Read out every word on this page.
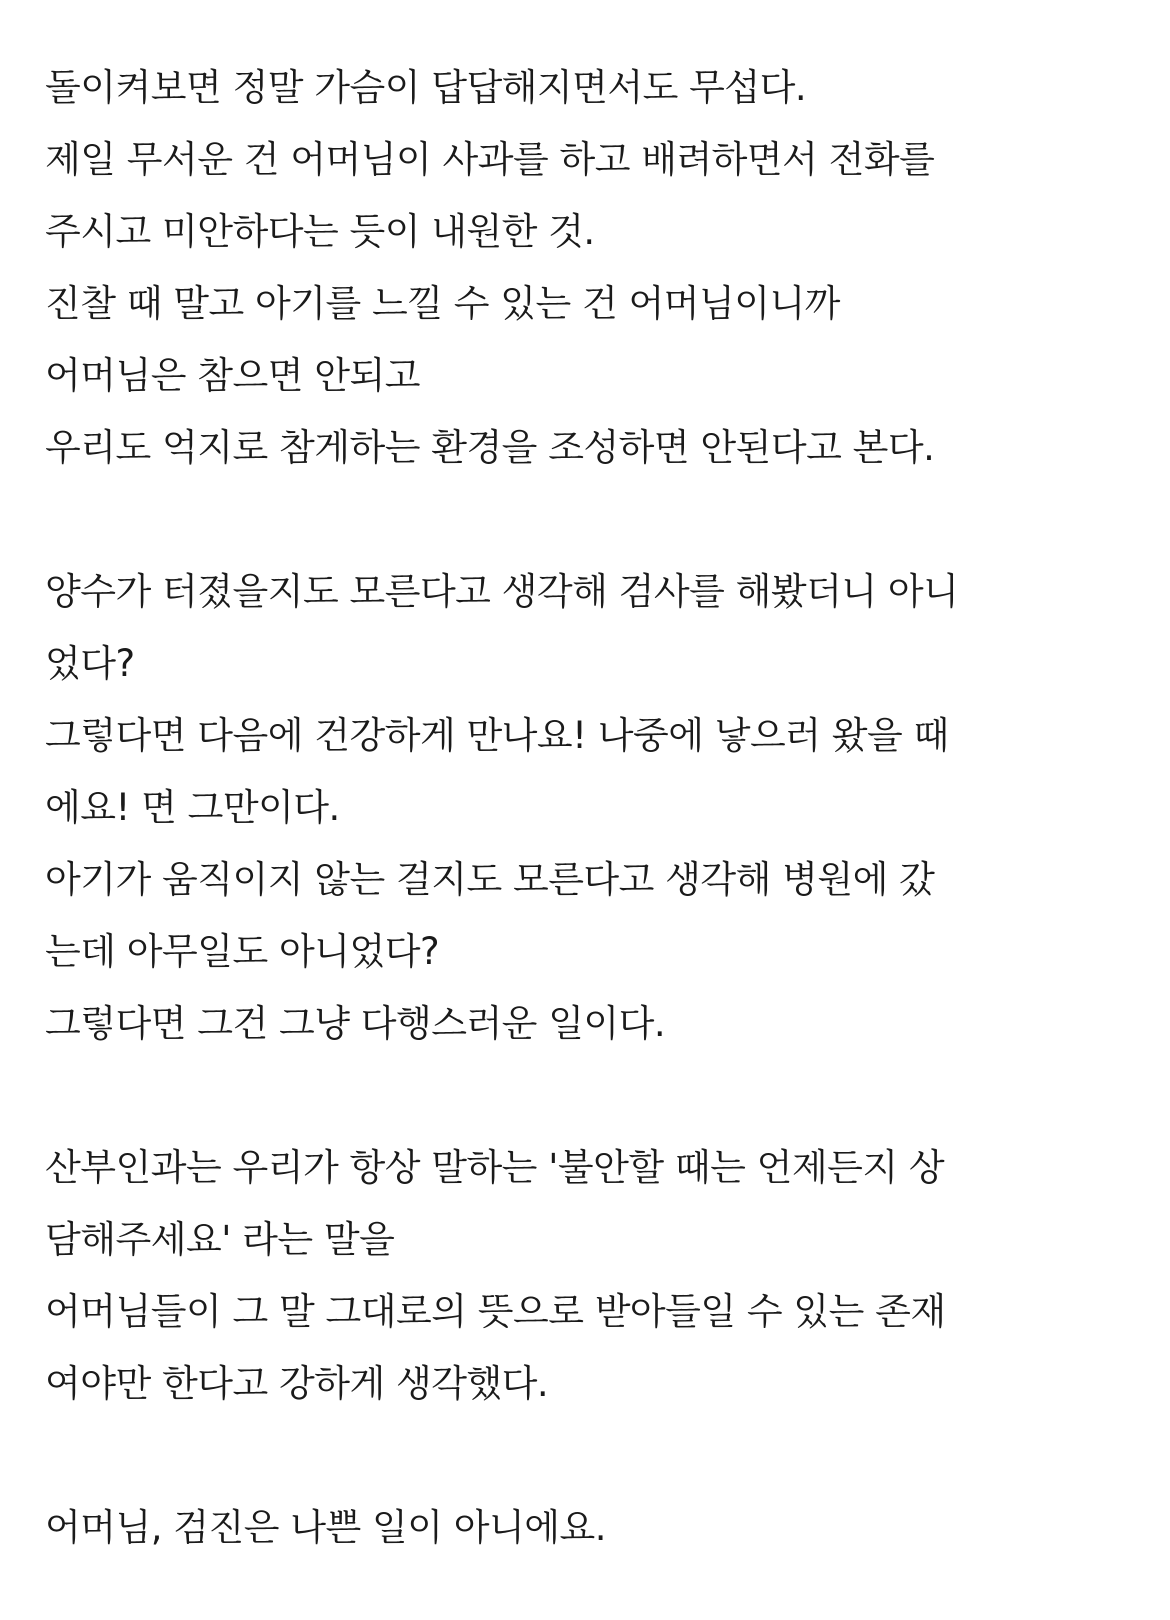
돌이켜보면 정말 가슴이 답답해지면서도 무섭다.
제일 무서운 건 어머님이 사과를 하고 배려하면서 전화를
주시고 미안하다는 듯이 내원한 것.
진찰 때 말고 아기를 느낄 수 있는 건 어머님이니까
어머님은 참으면 안되고
우리도 억지로 참게하는 환경을 조성하면 안된다고 본다.
양수가 터졌을지도 모른다고 생각해 검사를 해봤더니 아니
었다?
그렇다면 다음에 건강하게 만나요! 나중에 낳으러 왔을 때
에요! 면 그만이다.
아기가 움직이지 않는 걸지도 모른다고 생각해 병원에 갔
는데 아무일도 아니었다?
그렇다면 그건 그냥 다행스러운 일이다.
산부인과는 우리가 항상 말하는 '불안할 때는 언제든지 상
담해주세요' 라는 말을
어머님들이 그 말 그대로의 뜻으로 받아들일 수 있는 존재
여야만 한다고 강하게 생각했다.
어머님, 검진은 나쁜 일이 아니에요.
